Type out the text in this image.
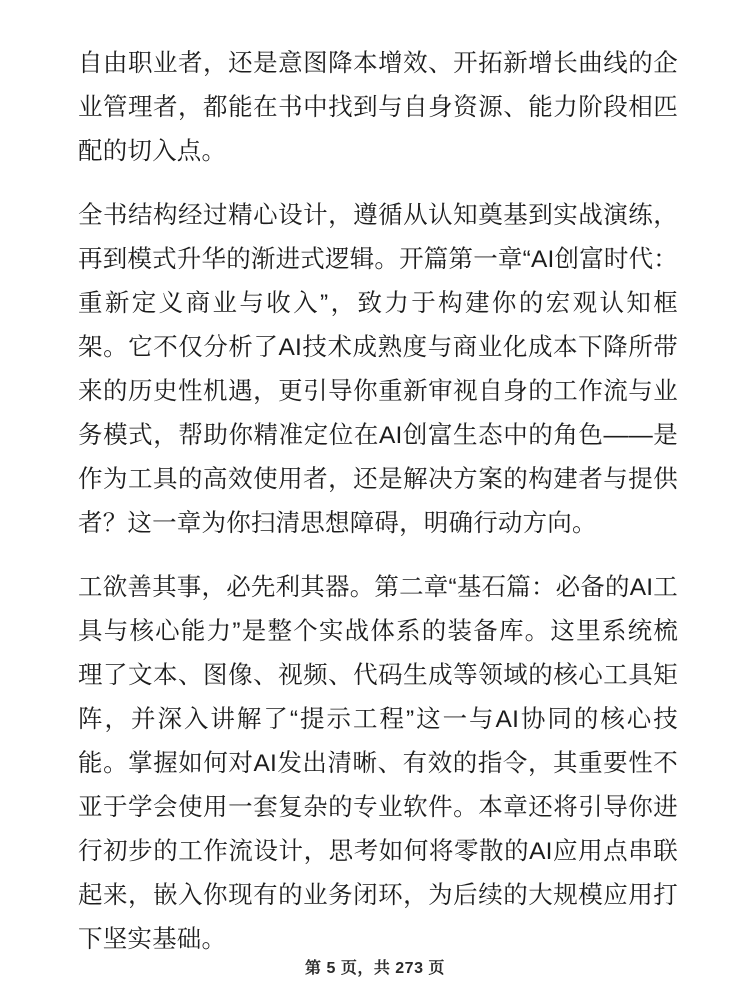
自由职业者，还是意图降本增效、开拓新增长曲线的企业管理者，都能在书中找到与自身资源、能力阶段相匹配的切入点。

全书结构经过精心设计，遵循从认知奠基到实战演练，再到模式升华的渐进式逻辑。开篇第一章“AI创富时代：重新定义商业与收入”，致力于构建你的宏观认知框架。它不仅分析了AI技术成熟度与商业化成本下降所带来的历史性机遇，更引导你重新审视自身的工作流与业务模式，帮助你精准定位在AI创富生态中的角色——是作为工具的高效使用者，还是解决方案的构建者与提供者？这一章为你扫清思想障碍，明确行动方向。

工欲善其事，必先利其器。第二章“基石篇：必备的AI工具与核心能力”是整个实战体系的装备库。这里系统梳理了文本、图像、视频、代码生成等领域的核心工具矩阵，并深入讲解了“提示工程”这一与AI协同的核心技能。掌握如何对AI发出清晰、有效的指令，其重要性不亚于学会使用一套复杂的专业软件。本章还将引导你进行初步的工作流设计，思考如何将零散的AI应用点串联起来，嵌入你现有的业务闭环，为后续的大规模应用打下坚实基础。

第 5 页，共 273 页
